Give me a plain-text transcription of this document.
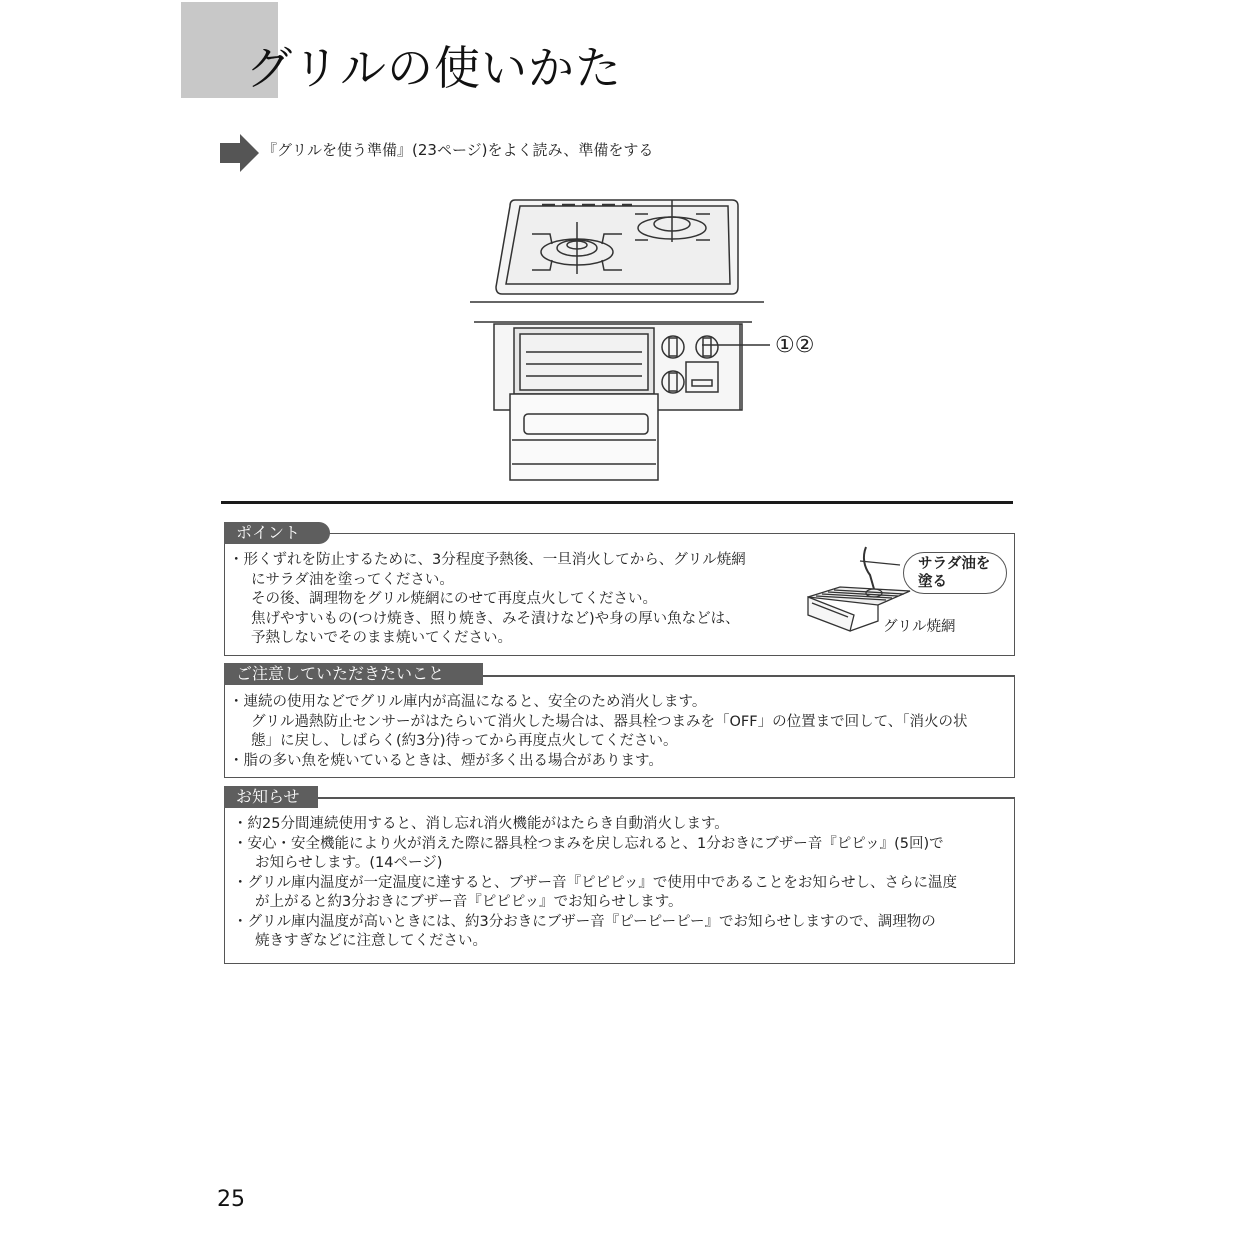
グリルの使いかた
『グリルを使う準備』(23ページ)をよく読み、準備をする
①②
ポイント
・ 形くずれを防止するために、3分程度予熱後、一旦消火してから、グリル焼網
にサラダ油を塗ってください。
その後、調理物をグリル焼網にのせて再度点火してください。
焦げやすいもの(つけ焼き、照り焼き、みそ漬けなど)や身の厚い魚などは、
予熱しないでそのまま焼いてください。
サラダ油を
塗る
グリル焼網
ご注意していただきたいこと
・ 連続の使用などでグリル庫内が高温になると、安全のため消火します。
グリル過熱防止センサーがはたらいて消火した場合は、器具栓つまみを「OFF」の位置まで回して、「消火の状
態」に戻し、しばらく(約3分)待ってから再度点火してください。
・ 脂の多い魚を焼いているときは、煙が多く出る場合があります。
お知らせ
・ 約25分間連続使用すると、消し忘れ消火機能がはたらき自動消火します。
・ 安心・安全機能により火が消えた際に器具栓つまみを戻し忘れると、1分おきにブザー音『ピピッ』(5回)で
お知らせします。(14ページ)
・ グリル庫内温度が一定温度に達すると、ブザー音『ピピピッ』で使用中であることをお知らせし、さらに温度
が上がると約3分おきにブザー音『ピピピッ』でお知らせします。
・ グリル庫内温度が高いときには、約3分おきにブザー音『ピーピーピー』でお知らせしますので、調理物の
焼きすぎなどに注意してください。
25
